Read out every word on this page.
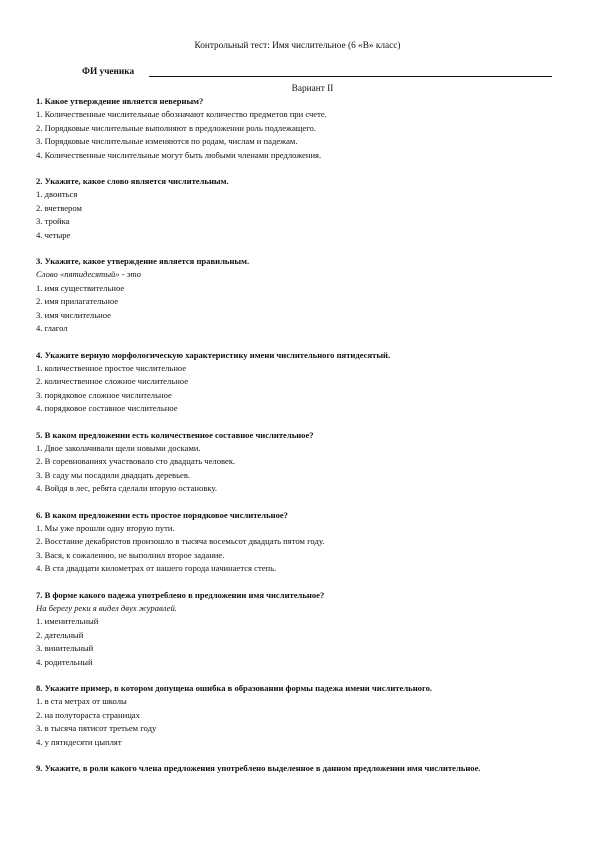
Контрольный тест: Имя числительное (6 «В» класс)
ФИ ученика
Вариант II
1. Какое утверждение является неверным?
1. Количественные числительные обозначают количество предметов при счете.
2. Порядковые числительные выполняют в предложении роль подлежащего.
3. Порядковые числительные изменяются по родам, числам и падежам.
4. Количественные числительные могут быть любыми членами предложения.
2. Укажите, какое слово является числительным.
1. двоиться
2. вчетвером
3. тройка
4. четыре
3. Укажите, какое утверждение является правильным.
Слово «пятидесятый» - это
1. имя существительное
2. имя прилагательное
3. имя числительное
4. глагол
4. Укажите верную морфологическую характеристику имени числительного пятидесятый.
1. количественное простое числительное
2. количественное сложное числительное
3. порядковое сложное числительное
4. порядковое составное числительное
5. В каком предложении есть количественное составное числительное?
1. Двое заколачивали щели новыми досками.
2. В соревнованиях участвовало сто двадцать человек.
3. В саду мы посадили двадцать деревьев.
4. Войдя в лес, ребята сделали вторую остановку.
6. В каком предложении есть простое порядковое числительное?
1. Мы уже прошли одну вторую пути.
2. Восстание декабристов произошло в тысяча восемьсот двадцать пятом году.
3. Вася, к сожалению, не выполнил второе задание.
4. В ста двадцати километрах от нашего города начинается степь.
7. В форме какого падежа употреблено в предложении имя числительное?
На берегу реки я видел двух журавлей.
1. именительный
2. дательный
3. винительный
4. родительный
8. Укажите пример, в котором допущена ошибка в образовании формы падежа имени числительного.
1. в ста метрах от школы
2. на полутораста страницах
3. в тысяча пятисот третьем году
4. у пятидесяти цыплят
9. Укажите, в роли какого члена предложения употреблено выделенное в данном предложении имя числительное.
